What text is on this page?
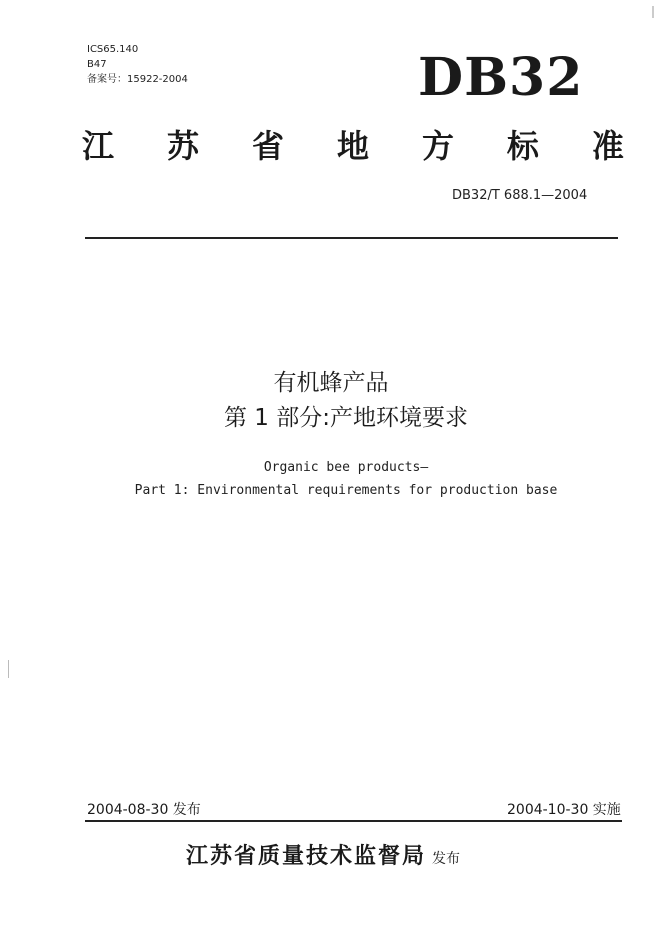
ICS65.140
B47
备案号：15922-2004	DB32
江 苏 省 地 方 标 准
DB32/T 688.1—2004
有机蜂产品
第 1 部分:产地环境要求
Organic bee products—
Part 1: Environmental requirements for production base
2004-08-30 发布	2004-10-30 实施
江苏省质量技术监督局 发布
